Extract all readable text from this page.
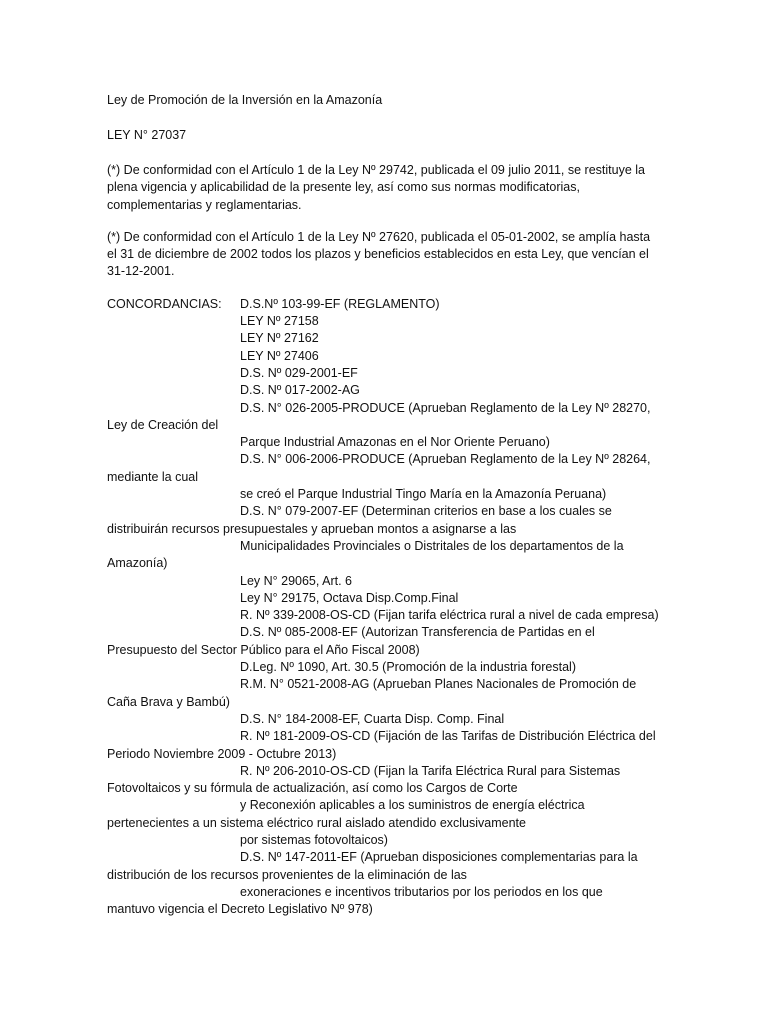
Ley de Promoción de la Inversión en la Amazonía
LEY N° 27037
(*) De conformidad con el Artículo 1 de la Ley Nº 29742, publicada el 09 julio 2011, se restituye la
plena vigencia y aplicabilidad de la presente ley, así como sus normas modificatorias,
complementarias y reglamentarias.
(*) De conformidad con el Artículo 1 de la Ley Nº 27620, publicada el 05-01-2002, se amplía hasta
el 31 de diciembre de 2002 todos los plazos y beneficios establecidos en esta Ley, que vencían el
31-12-2001.
CONCORDANCIAS:	D.S.Nº 103-99-EF (REGLAMENTO)
LEY Nº 27158
LEY Nº 27162
LEY Nº 27406
D.S. Nº 029-2001-EF
D.S. Nº 017-2002-AG
D.S. N° 026-2005-PRODUCE (Aprueban Reglamento de la Ley Nº 28270,
Ley de Creación del
Parque Industrial Amazonas en el Nor Oriente Peruano)
D.S. N° 006-2006-PRODUCE (Aprueban Reglamento de la Ley Nº 28264,
mediante la cual
se creó el Parque Industrial Tingo María en la Amazonía Peruana)
D.S. N° 079-2007-EF (Determinan criterios en base a los cuales se
distribuirán recursos presupuestales y aprueban montos a asignarse a las
Municipalidades Provinciales o Distritales de los departamentos de la
Amazonía)
Ley N° 29065, Art. 6
Ley N° 29175, Octava Disp.Comp.Final
R. Nº 339-2008-OS-CD (Fijan tarifa eléctrica rural a nivel de cada empresa)
D.S. Nº 085-2008-EF (Autorizan Transferencia de Partidas en el
Presupuesto del Sector Público para el Año Fiscal 2008)
D.Leg. Nº 1090, Art. 30.5 (Promoción de la industria forestal)
R.M. N° 0521-2008-AG (Aprueban Planes Nacionales de Promoción de
Caña Brava y Bambú)
D.S. N° 184-2008-EF, Cuarta Disp. Comp. Final
R. Nº 181-2009-OS-CD (Fijación de las Tarifas de Distribución Eléctrica del
Periodo Noviembre 2009 - Octubre 2013)
R. Nº 206-2010-OS-CD (Fijan la Tarifa Eléctrica Rural para Sistemas
Fotovoltaicos y su fórmula de actualización, así como los Cargos de Corte
y Reconexión aplicables a los suministros de energía eléctrica
pertenecientes a un sistema eléctrico rural aislado atendido exclusivamente
por sistemas fotovoltaicos)
D.S. Nº 147-2011-EF (Aprueban disposiciones complementarias para la
distribución de los recursos provenientes de la eliminación de las
exoneraciones e incentivos tributarios por los periodos en los que
mantuvo vigencia el Decreto Legislativo Nº 978)
